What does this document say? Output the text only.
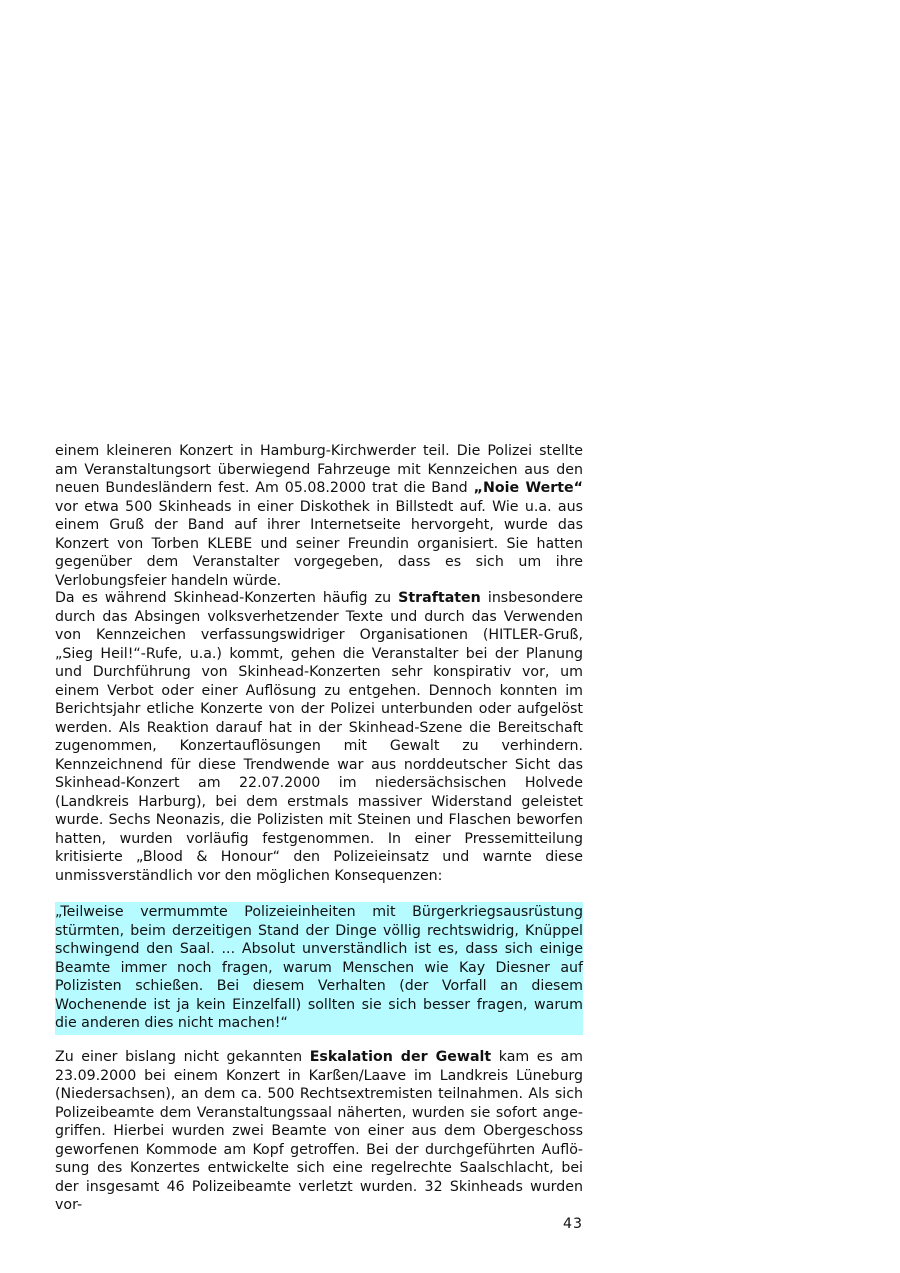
einem kleineren Konzert in Hamburg-Kirchwerder teil. Die Polizei stellte am Veranstaltungsort überwiegend Fahrzeuge mit Kennzeichen aus den neuen Bundesländern fest. Am 05.08.2000 trat die Band „Noie Werte“ vor etwa 500 Skinheads in einer Diskothek in Billstedt auf. Wie u.a. aus einem Gruß der Band auf ihrer Internetseite hervorgeht, wurde das Konzert von Torben KLEBE und seiner Freundin organisiert. Sie hatten gegenüber dem Veranstalter vorgegeben, dass es sich um ihre Verlobungsfeier handeln würde.

Da es während Skinhead-Konzerten häufig zu Straftaten insbesondere durch das Absingen volksverhetzender Texte und durch das Verwenden von Kennzeichen verfassungswidriger Organisationen (HITLER-Gruß, „Sieg Heil!“-Rufe, u.a.) kommt, gehen die Veranstalter bei der Planung und Durchführung von Skinhead-Konzerten sehr konspirativ vor, um einem Verbot oder einer Auflösung zu entgehen. Dennoch konnten im Berichtsjahr etliche Konzerte von der Polizei unterbunden oder aufgelöst werden. Als Reaktion darauf hat in der Skinhead-Szene die Bereitschaft zugenommen, Konzertauflösungen mit Gewalt zu verhindern. Kennzeichnend für diese Trendwende war aus norddeutscher Sicht das Skinhead-Konzert am 22.07.2000 im niedersächsischen Holvede (Landkreis Harburg), bei dem erstmals massiver Widerstand geleistet wurde. Sechs Neonazis, die Polizisten mit Steinen und Flaschen beworfen hatten, wurden vorläufig festgenommen. In einer Pressemitteilung kritisierte „Blood & Honour“ den Polizeieinsatz und warnte diese unmissverständlich vor den möglichen Konsequenzen:

„Teilweise vermummte Polizeieinheiten mit Bürgerkriegsausrüstung stürmten, beim derzeitigen Stand der Dinge völlig rechtswidrig, Knüppel schwingend den Saal. ... Absolut unverständlich ist es, dass sich einige Beamte immer noch fragen, warum Menschen wie Kay Diesner auf Polizisten schießen. Bei diesem Verhalten (der Vorfall an diesem Wochenende ist ja kein Einzelfall) sollten sie sich besser fragen, warum die anderen dies nicht machen!“

Zu einer bislang nicht gekannten Eskalation der Gewalt kam es am 23.09.2000 bei einem Konzert in Karßen/Laave im Landkreis Lüneburg (Niedersachsen), an dem ca. 500 Rechtsextremisten teilnahmen. Als sich Polizeibeamte dem Veranstaltungssaal näherten, wurden sie sofort angegriffen. Hierbei wurden zwei Beamte von einer aus dem Obergeschoss geworfenen Kommode am Kopf getroffen. Bei der durchgeführten Auflösung des Konzertes entwickelte sich eine regelrechte Saalschlacht, bei der insgesamt 46 Polizeibeamte verletzt wurden. 32 Skinheads wurden vor-

43
